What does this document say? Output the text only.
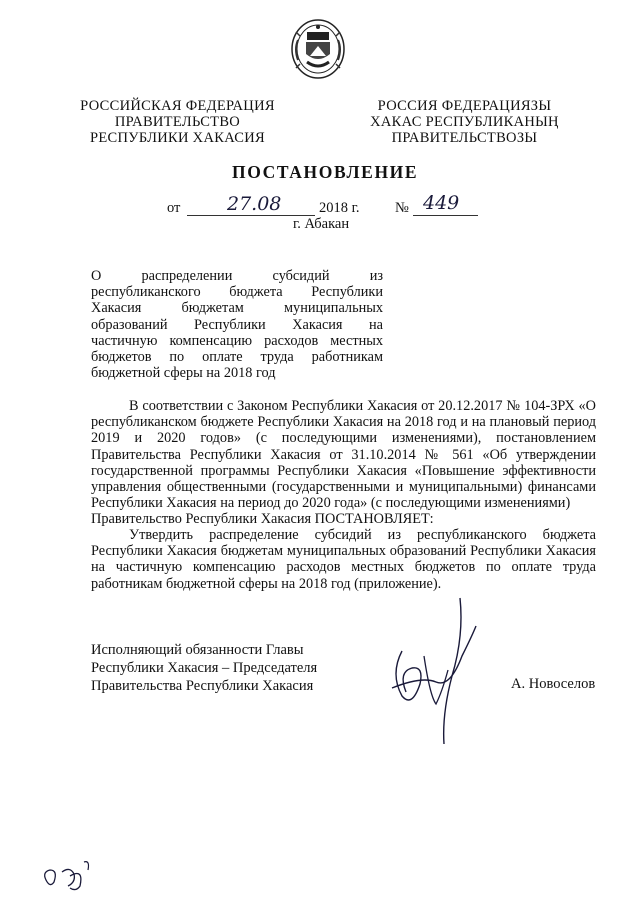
РОССИЙСКАЯ ФЕДЕРАЦИЯ
ПРАВИТЕЛЬСТВО
РЕСПУБЛИКИ ХАКАСИЯ
РОССИЯ ФЕДЕРАЦИЯЗЫ
ХАКАС РЕСПУБЛИКАНЫҢ
ПРАВИТЕЛЬСТВОЗЫ
ПОСТАНОВЛЕНИЕ
от 27.08	2018 г. № 449
г. Абакан
О распределении субсидий из республиканского бюджета Республики Хакасия бюджетам муниципальных образований Республики Хакасия на частичную компенсацию расходов местных бюджетов по оплате труда работникам бюджетной сферы на 2018 год
В соответствии с Законом Республики Хакасия от 20.12.2017 № 104-ЗРХ «О республиканском бюджете Республики Хакасия на 2018 год и на плановый период 2019 и 2020 годов» (с последующими изменениями), постановлением Правительства Республики Хакасия от 31.10.2014 № 561 «Об утверждении государственной программы Республики Хакасия «Повышение эффективности управления общественными (государственными и муниципальными) финансами Республики Хакасия на период до 2020 года» (с последующими изменениями)
Правительство Республики Хакасия ПОСТАНОВЛЯЕТ:
Утвердить распределение субсидий из республиканского бюджета Республики Хакасия бюджетам муниципальных образований Республики Хакасия на частичную компенсацию расходов местных бюджетов по оплате труда работникам бюджетной сферы на 2018 год (приложение).
Исполняющий обязанности Главы
Республики Хакасия – Председателя
Правительства Республики Хакасия	А. Новоселов
